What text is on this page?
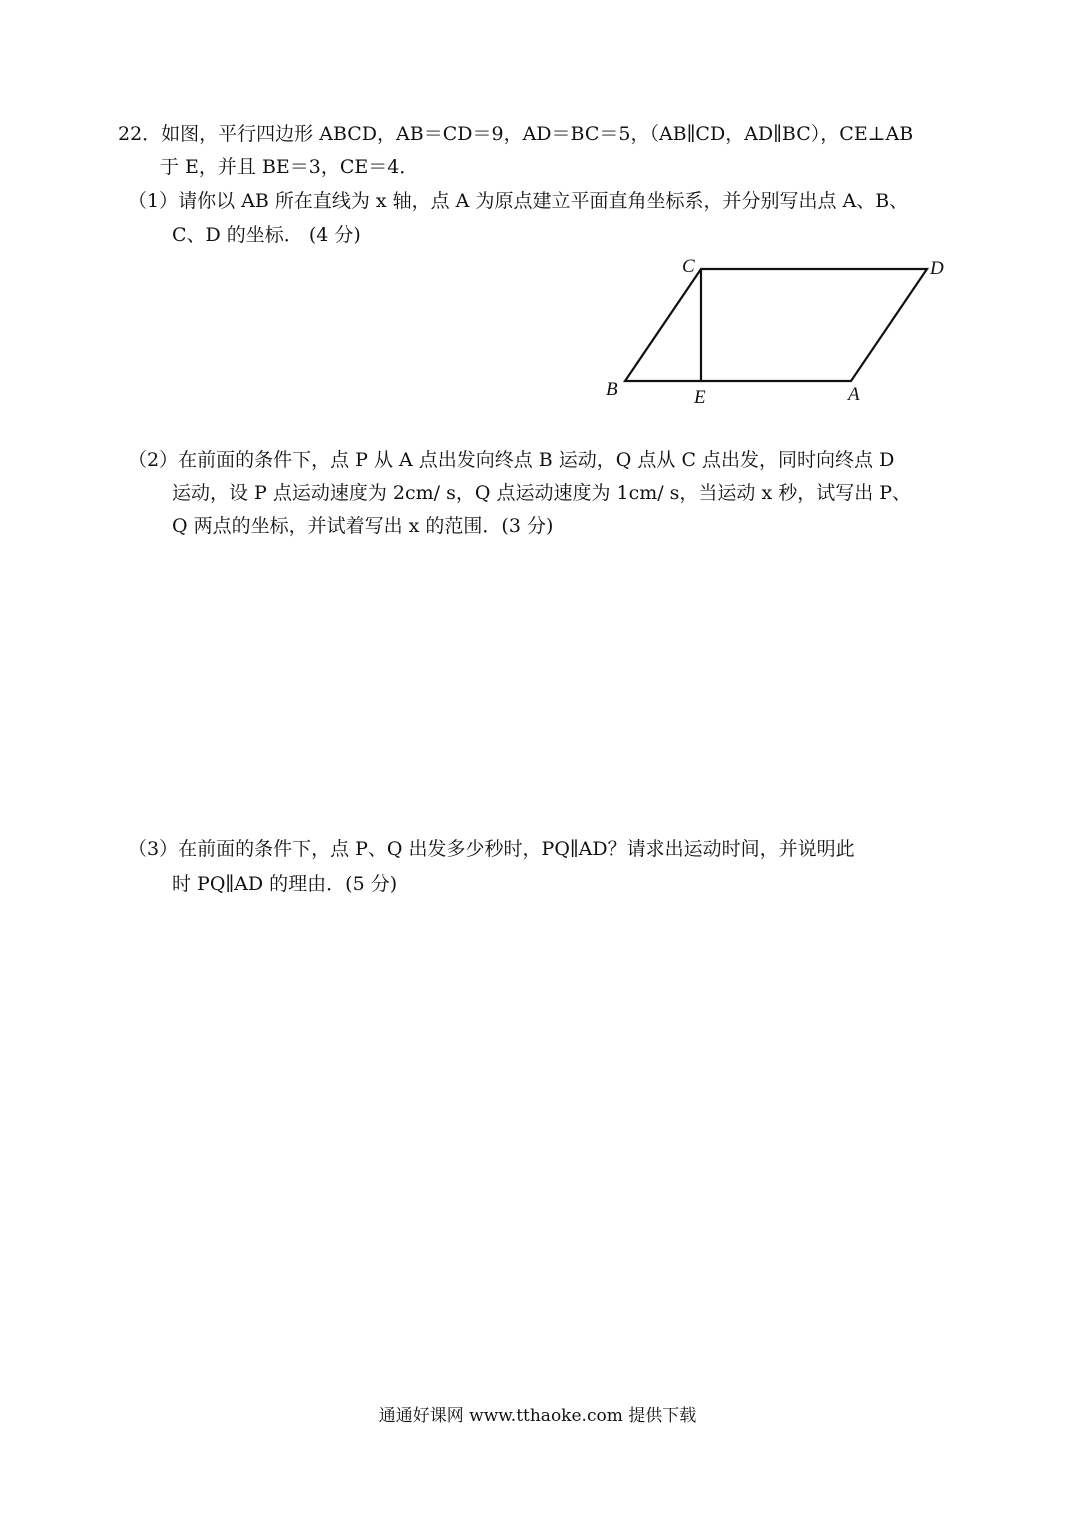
22．如图，平行四边形 ABCD，AB＝CD＝9，AD＝BC＝5，（AB∥CD，AD∥BC），CE⊥AB
于 E，并且 BE＝3，CE＝4．
（1）请你以 AB 所在直线为 x 轴，点 A 为原点建立平面直角坐标系，并分别写出点 A、B、
C、D 的坐标． (4 分)
C	D
B	E	A
（2）在前面的条件下，点 P 从 A 点出发向终点 B 运动，Q 点从 C 点出发，同时向终点 D
运动，设 P 点运动速度为 2cm/ s，Q 点运动速度为 1cm/ s，当运动 x 秒，试写出 P、
Q 两点的坐标，并试着写出 x 的范围．(3 分)
（3）在前面的条件下，点 P、Q 出发多少秒时，PQ∥AD？请求出运动时间，并说明此
时 PQ∥AD 的理由．(5 分)
通通好课网 www.tthaoke.com 提供下载
